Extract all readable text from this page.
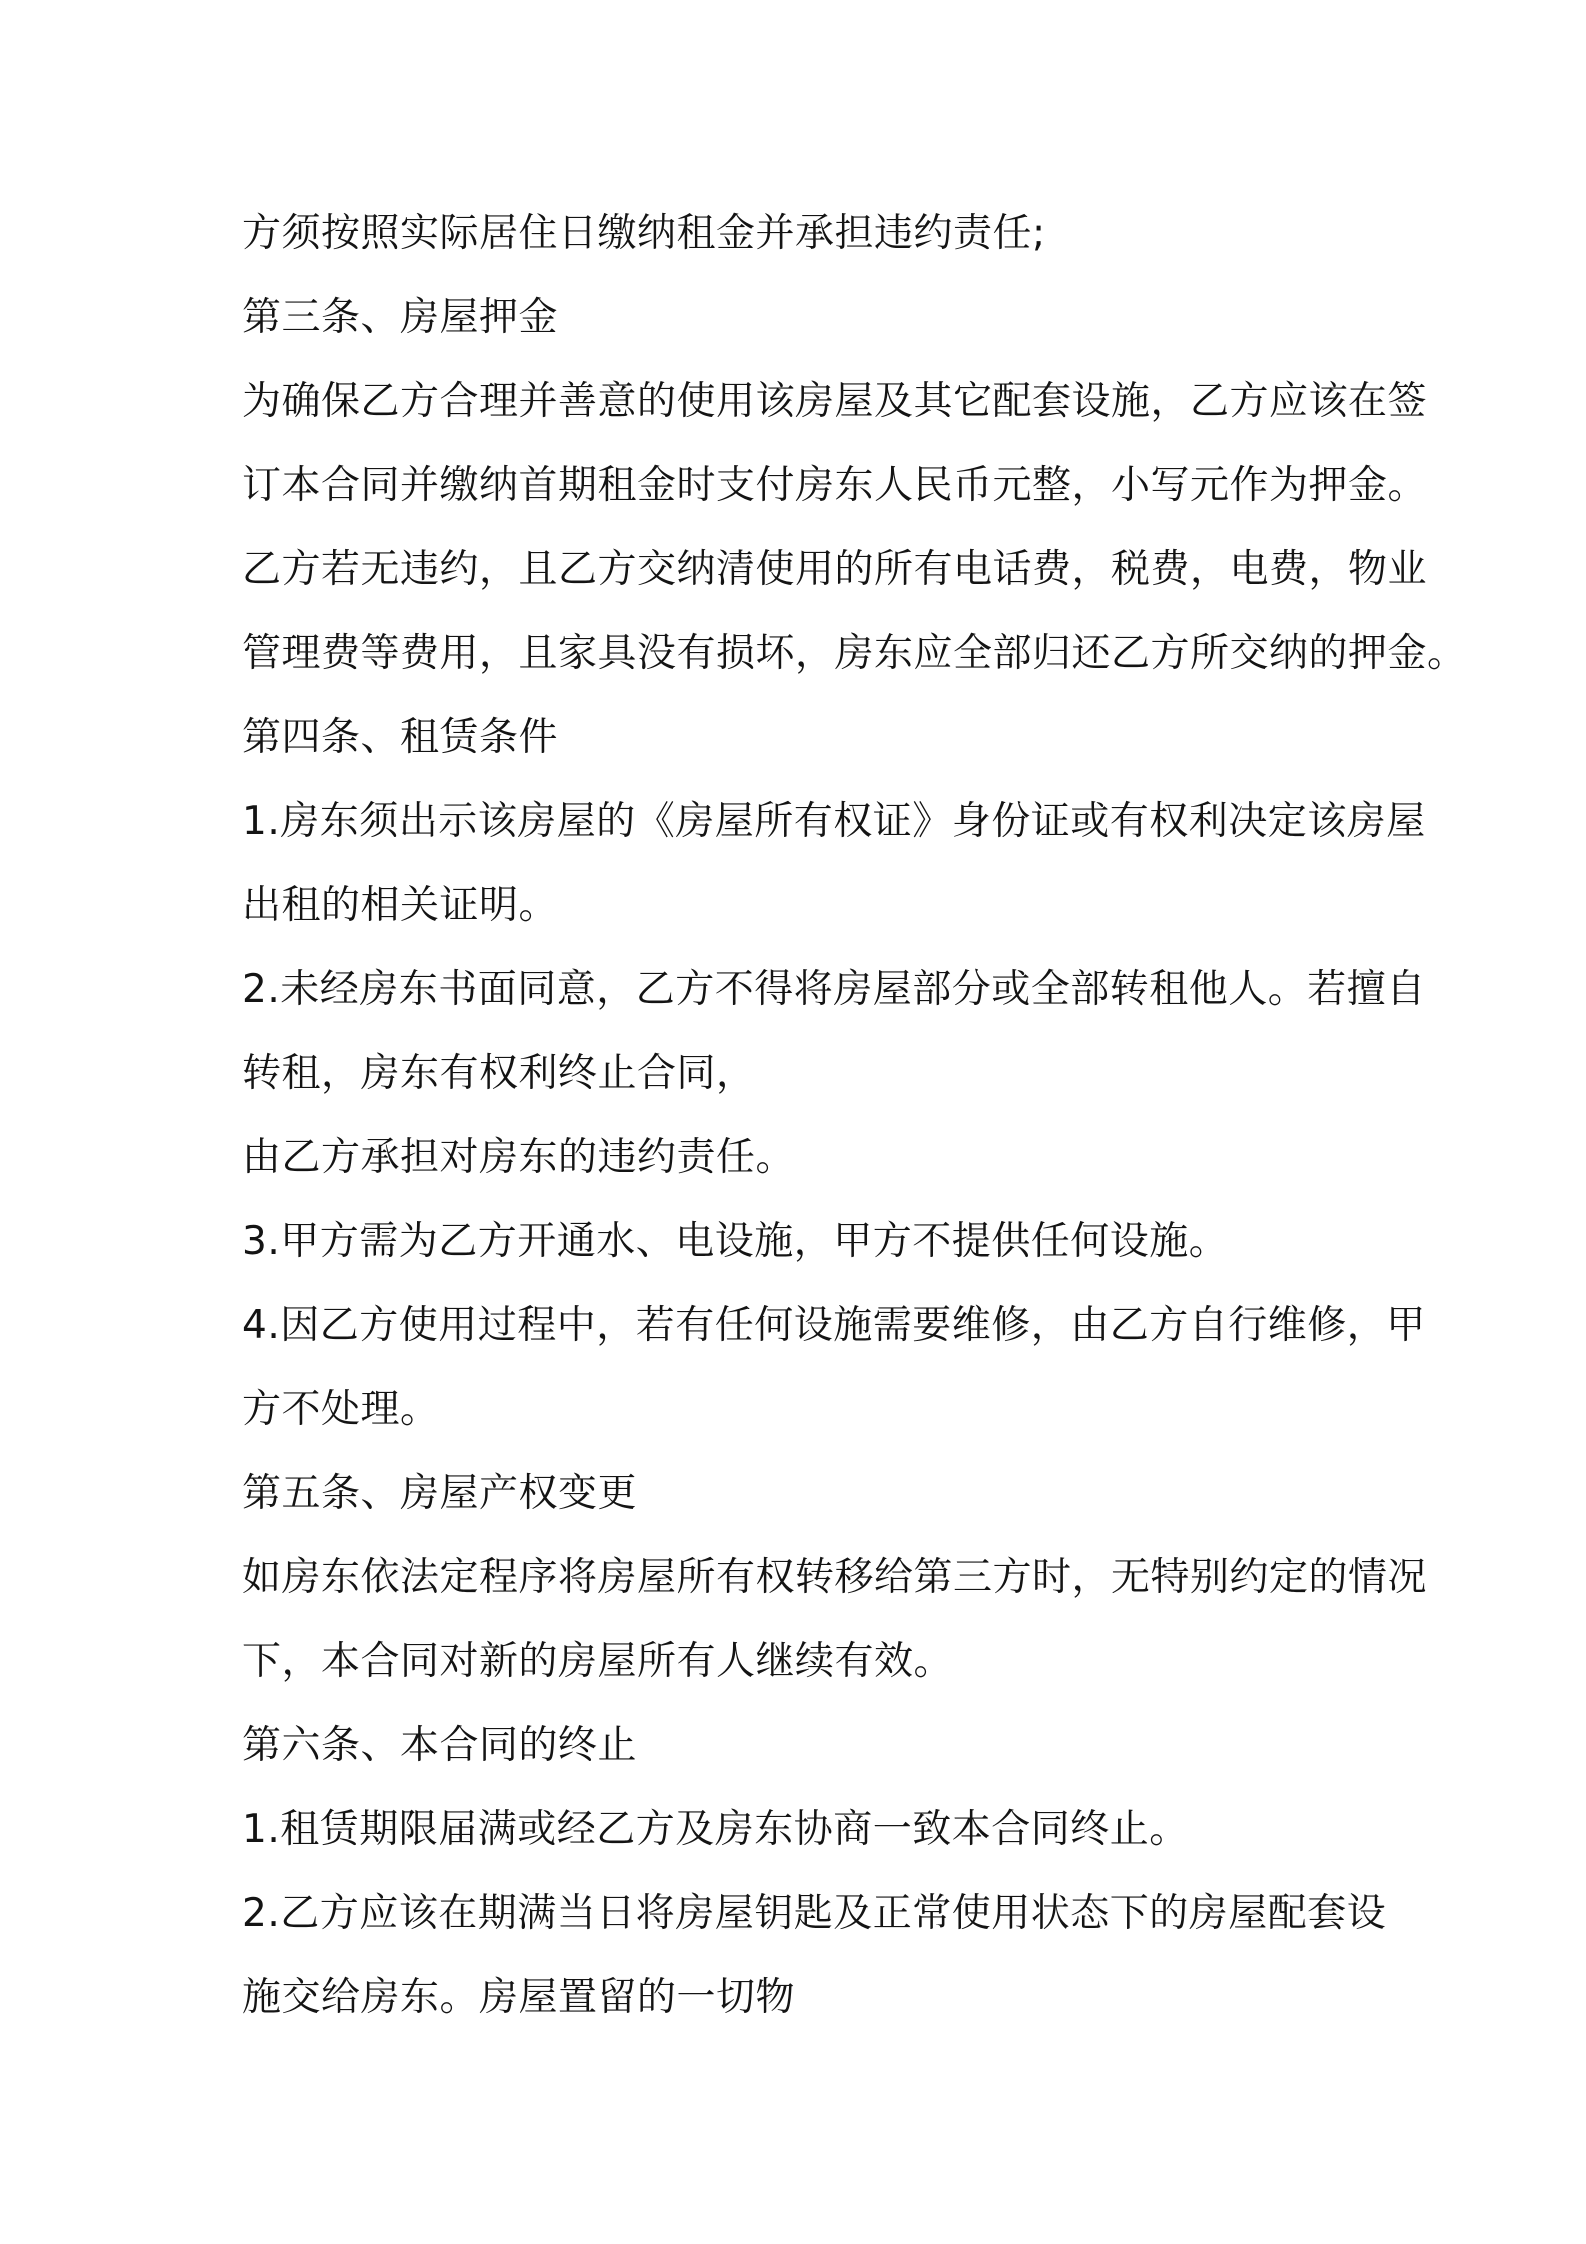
方须按照实际居住日缴纳租金并承担违约责任;
第三条、房屋押金
为确保乙方合理并善意的使用该房屋及其它配套设施，乙方应该在签
订本合同并缴纳首期租金时支付房东人民币元整，小写元作为押金。
乙方若无违约，且乙方交纳清使用的所有电话费，税费，电费，物业
管理费等费用，且家具没有损坏，房东应全部归还乙方所交纳的押金。
第四条、租赁条件
1.房东须出示该房屋的《房屋所有权证》身份证或有权利决定该房屋
出租的相关证明。
2.未经房东书面同意，乙方不得将房屋部分或全部转租他人。若擅自
转租，房东有权利终止合同，
由乙方承担对房东的违约责任。
3.甲方需为乙方开通水、电设施，甲方不提供任何设施。
4.因乙方使用过程中，若有任何设施需要维修，由乙方自行维修，甲
方不处理。
第五条、房屋产权变更
如房东依法定程序将房屋所有权转移给第三方时，无特别约定的情况
下，本合同对新的房屋所有人继续有效。
第六条、本合同的终止
1.租赁期限届满或经乙方及房东协商一致本合同终止。
2.乙方应该在期满当日将房屋钥匙及正常使用状态下的房屋配套设
施交给房东。房屋置留的一切物
